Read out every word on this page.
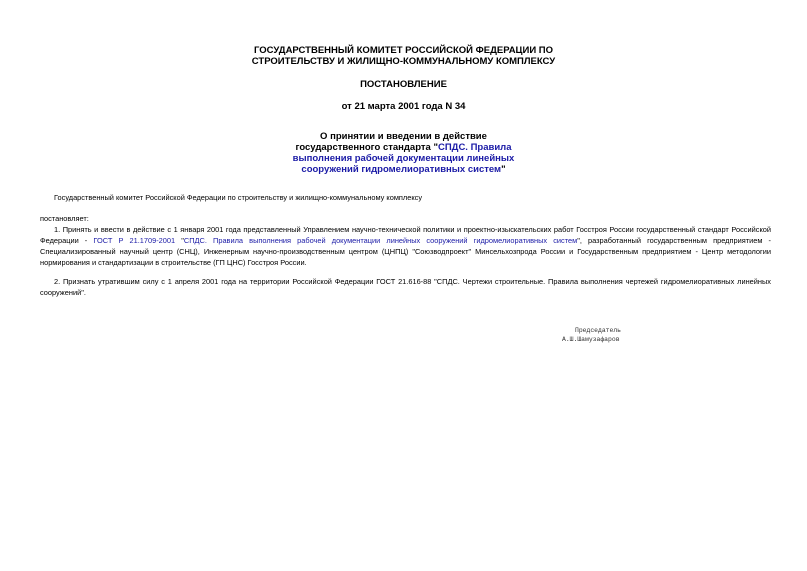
ГОСУДАРСТВЕННЫЙ КОМИТЕТ РОССИЙСКОЙ ФЕДЕРАЦИИ ПО
СТРОИТЕЛЬСТВУ И ЖИЛИЩНО-КОММУНАЛЬНОМУ КОМПЛЕКСУ

ПОСТАНОВЛЕНИЕ

от 21 марта 2001 года N 34

О принятии и введении в действие
государственного стандарта "СПДС. Правила
выполнения рабочей документации линейных
сооружений гидромелиоративных систем"

Государственный комитет Российской Федерации по строительству и жилищно-коммунальному комплексу

постановляет:

1. Принять и ввести в действие с 1 января 2001 года представленный Управлением научно-технической политики и проектно-изыскательских работ Госстроя России государственный стандарт Российской Федерации - ГОСТ Р 21.1709-2001 "СПДС. Правила выполнения рабочей документации линейных сооружений гидромелиоративных систем", разработанный государственным предприятием - Специализированный научный центр (СНЦ), Инженерным научно-производственным центром (ЦНПЦ) "Союзводпроект" Минсельхозпрода России и Государственным предприятием - Центр методологии нормирования и стандартизации в строительстве (ГП ЦНС) Госстроя России.

2. Признать утратившим силу с 1 апреля 2001 года на территории Российской Федерации ГОСТ 21.616-88 "СПДС. Чертежи строительные. Правила выполнения чертежей гидромелиоративных линейных сооружений".

Председатель

А.Ш.Шамузафаров
